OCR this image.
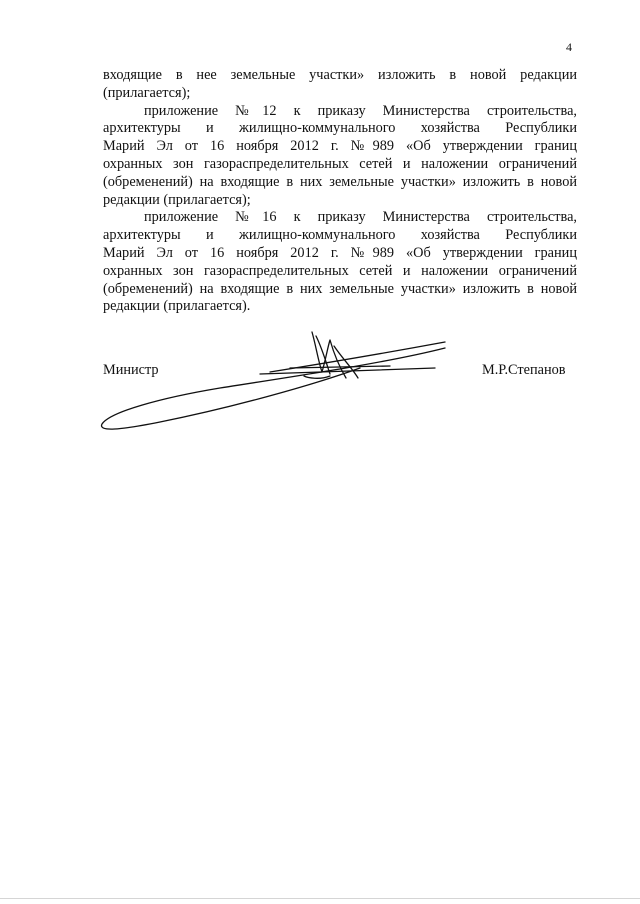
4

входящие в нее земельные участки» изложить в новой редакции

(прилагается);

приложение №12 к приказу Министерства строительства,

архитектуры и жилищно-коммунального хозяйства Республики

Марий Эл от 16 ноября 2012 г. №989 «Об утверждении границ

охранных зон газораспределительных сетей и наложении ограничений

(обременений) на входящие в них земельные участки» изложить в новой

редакции (прилагается);

приложение №16 к приказу Министерства строительства,

архитектуры и жилищно-коммунального хозяйства Республики

Марий Эл от 16 ноября 2012 г. №989 «Об утверждении границ

охранных зон газораспределительных сетей и наложении ограничений

(обременений) на входящие в них земельные участки» изложить в новой

редакции (прилагается).

Министр	М.Р.Степанов
